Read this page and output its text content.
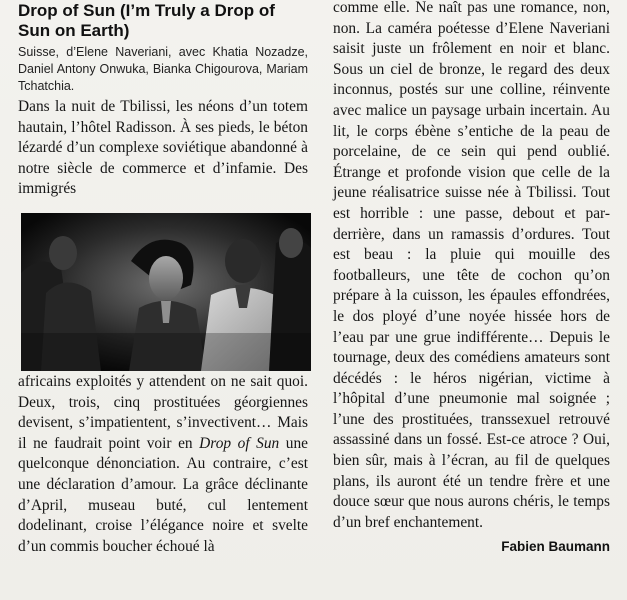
Drop of Sun (I’m Truly a Drop of Sun on Earth)

Suisse, d’Elene Naveriani, avec Khatia Nozadze, Daniel Antony Onwuka, Bianka Chigourova, Mariam Tchatchia.

Dans la nuit de Tbilissi, les néons d’un totem hautain, l’hôtel Radisson. À ses pieds, le béton lézardé d’un complexe soviétique abandonné à notre siècle de commerce et d’infamie. Des immigrés

africains exploités y attendent on ne sait quoi. Deux, trois, cinq prostituées géorgiennes devisent, s’impatientent, s’invectivent… Mais il ne faudrait point voir en Drop of Sun une quelconque dénonciation. Au contraire, c’est une déclaration d’amour. La grâce déclinante d’April, museau buté, cul lentement dodelinant, croise l’élégance noire et svelte d’un commis boucher échoué là

comme elle. Ne naît pas une romance, non, non. La caméra poétesse d’Elene Naveriani saisit juste un frôlement en noir et blanc. Sous un ciel de bronze, le regard des deux inconnus, postés sur une colline, réinvente avec malice un paysage urbain incertain. Au lit, le corps ébène s’entiche de la peau de porcelaine, de ce sein qui pend oublié. Étrange et profonde vision que celle de la jeune réalisatrice suisse née à Tbilissi. Tout est horrible : une passe, debout et par-derrière, dans un ramassis d’ordures. Tout est beau : la pluie qui mouille des footballeurs, une tête de cochon qu’on prépare à la cuisson, les épaules effondrées, le dos ployé d’une noyée hissée hors de l’eau par une grue indifférente… Depuis le tournage, deux des comédiens amateurs sont décédés : le héros nigérian, victime à l’hôpital d’une pneumonie mal soignée ; l’une des prostituées, transsexuel retrouvé assassiné dans un fossé. Est-ce atroce ? Oui, bien sûr, mais à l’écran, au fil de quelques plans, ils auront été un tendre frère et une douce sœur que nous aurons chéris, le temps d’un bref enchantement.

Fabien Baumann
